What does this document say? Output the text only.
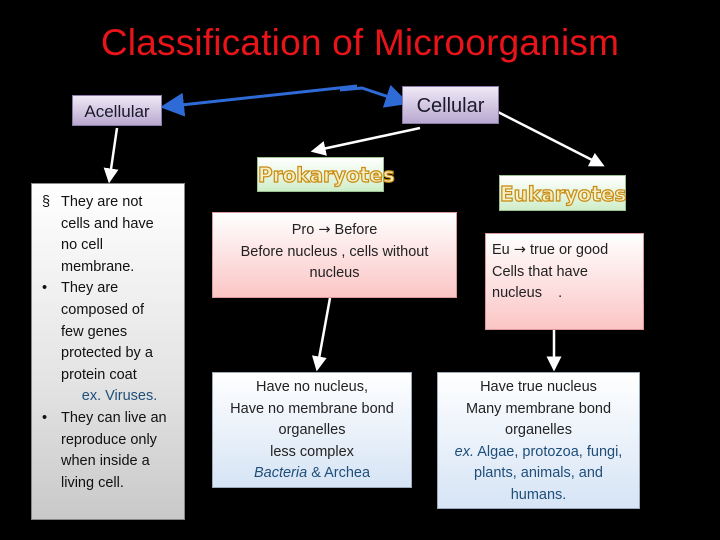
Classification of Microorganism
Acellular	Cellular
§ They are not
cells and have
no cell
membrane.
• They are
composed of
few genes
protected by a
protein coat
ex. Viruses.
• They can live an
reproduce only
when inside a
living cell.
Prokaryotes
Eukaryotes
Pro → Before
Before nucleus , cells without
nucleus
Eu → true or good
Cells that have
nucleus    .
Have no nucleus,
Have no membrane bond
organelles
less complex
Bacteria & Archea
Have true nucleus
Many membrane bond
organelles
ex. Algae, protozoa, fungi,
plants, animals, and
humans.
